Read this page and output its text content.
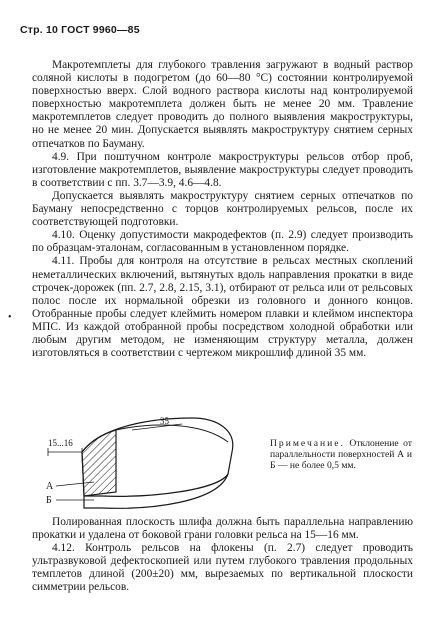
Стр. 10 ГОСТ 9960—85

Макротемплеты для глубокого травления загружают в водный раствор соляной кислоты в подогретом (до 60—80 °С) состоянии контролируемой поверхностью вверх. Слой водного раствора кислоты над контролируемой поверхностью макротемплета должен быть не менее 20 мм. Травление макротемплетов следует проводить до полного выявления макроструктуры, но не менее 20 мин. Допускается выявлять макроструктуру снятием серных отпечатков по Бауману.

4.9. При поштучном контроле макроструктуры рельсов отбор проб, изготовление макротемплетов, выявление макроструктуры следует проводить в соответствии с пп. 3.7—3.9, 4.6—4.8.

Допускается выявлять макроструктуру снятием серных отпечатков по Бауману непосредственно с торцов контролируемых рельсов, после их соответствующей подготовки.

4.10. Оценку допустимости макродефектов (п. 2.9) следует производить по образцам-эталонам, согласованным в установленном порядке.

4.11. Пробы для контроля на отсутствие в рельсах местных скоплений неметаллических включений, вытянутых вдоль направления прокатки в виде строчек-дорожек (пп. 2.7, 2.8, 2.15, 3.1), отбирают от рельса или от рельсовых полос после их нормальной обрезки из головного и донного концов. Отобранные пробы следует клеймить номером плавки и клеймом инспектора МПС. Из каждой отобранной пробы посредством холодной обработки или любым другим методом, не изменяющим структуру металла, должен изготовляться в соответствии с чертежом микрошлиф длиной 35 мм.

•
15...16
35
А
Б
Примечание. Отклонение от параллельности поверхностей А и Б — не более 0,5 мм.

Полированная плоскость шлифа должна быть параллельна направлению прокатки и удалена от боковой грани головки рельса на 15—16 мм.

4.12. Контроль рельсов на флокены (п. 2.7) следует проводить ультразвуковой дефектоскопией или путем глубокого травления продольных темплетов длиной (200±20) мм, вырезаемых по вертикальной плоскости симметрии рельсов.
